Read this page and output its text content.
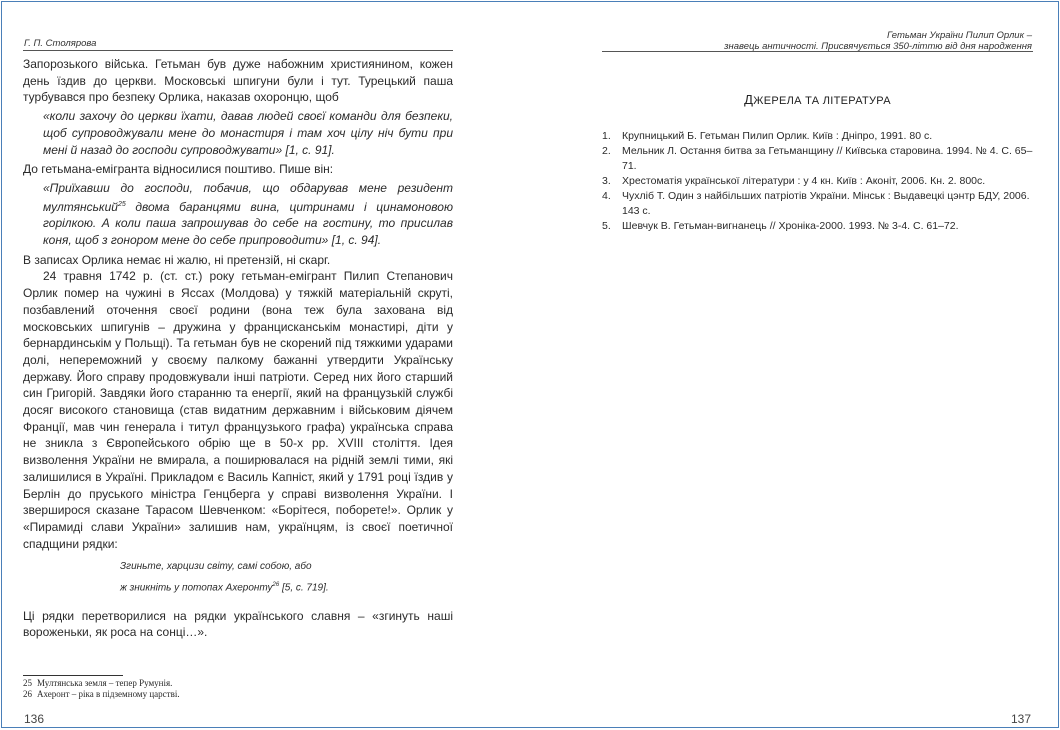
Г. П. Столярова

Запорозького війська. Гетьман був дуже набожним християнином, кожен день їздив до церкви. Московські шпигуни були і тут. Турецький паша турбувався про безпеку Орлика, наказав охоронцю, щоб

«коли захочу до церкви їхати, давав людей своєї команди для безпеки, щоб супроводжували мене до монастиря і там хоч цілу ніч бути при мені й назад до господи супроводжувати» [1, с. 91].

До гетьмана-емігранта відносилися поштиво. Пише він:

«Приїхавши до господи, побачив, що обдарував мене резидент мултянський$^{25}$ двома баранцями вина, цитринами і цинамоновою горілкою. А коли паша запрошував до себе на гостину, то присилав коня, щоб з гонором мене до себе припроводити» [1, с. 94].

В записах Орлика немає ні жалю, ні претензій, ні скарг.

24 травня 1742 р. (ст. ст.) року гетьман-емігрант Пилип Степанович Орлик помер на чужині в Яссах (Молдова) у тяжкій матеріальній скруті, позбавлений оточення своєї родини (вона теж була захована від московських шпигунів – дружина у францисканськім монастирі, діти у бернардинськім у Польщі). Та гетьман був не скорений під тяжкими ударами долі, непереможний у своєму палкому бажанні утвердити Українську державу. Його справу продовжували інші патріоти. Серед них його старший син Григорій. Завдяки його старанню та енергії, який на французькій службі досяг високого становища (став видатним державним і військовим діячем Франції, мав чин генерала і титул французького графа) українська справа не зникла з Європейського обрію ще в 50-х рр. XVIII століття. Ідея визволення України не вмирала, а поширювалася на рідній землі тими, які залишилися в Україні. Прикладом є Василь Капніст, який у 1791 році їздив у Берлін до пруського міністра Генцберга у справі визволення України. І зверширося сказане Тарасом Шевченком: «Борітеся, поборете!». Орлик у «Пирамиді слави України» залишив нам, українцям, із своєї поетичної спадщини рядки:

Згиньте, харцизи світу, самі собою, або
ж зникніть у потопах Ахеронту$^{26}$ [5, с. 719].

Ці рядки перетворилися на рядки українського славня – «згинуть наші вороженьки, як роса на сонці…».

25 Мултянська земля – тепер Румунія.
26 Ахеронт – ріка в підземному царстві.
136
Гетьман України Пилип Орлик –
знавець античності. Присвячується 350-літтю від дня народження
ДЖЕРЕЛА ТА ЛІТЕРАТУРА
1.	Крупницький Б. Гетьман Пилип Орлик. Київ : Дніпро, 1991. 80 с.
2.	Мельник Л. Остання битва за Гетьманщину // Київська старовина. 1994. № 4. С. 65–71.
3.	Хрестоматія української літератури : у 4 кн. Київ : Аконіт, 2006. Кн. 2. 800с.
4.	Чухліб Т. Один з найбільших патріотів України. Мінськ : Выдавецкі цэнтр БДУ, 2006. 143 с.
5.	Шевчук В. Гетьман-вигнанець // Хроніка-2000. 1993. № 3-4. С. 61–72.
137
